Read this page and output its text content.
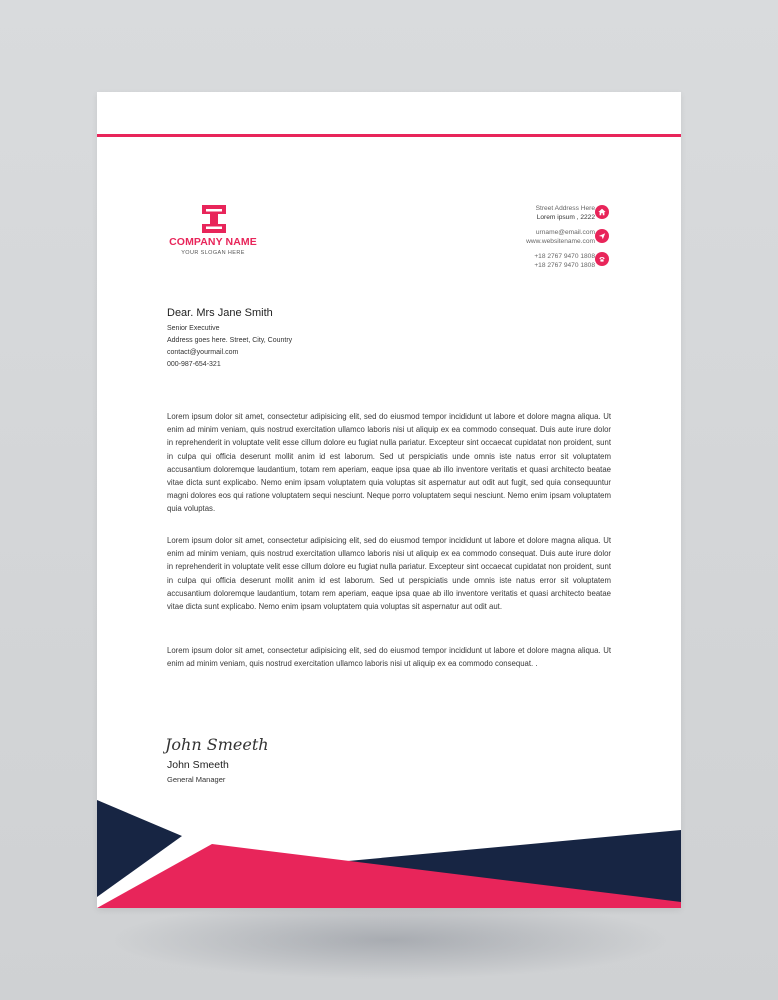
COMPANY NAME
YOUR SLOGAN HERE
Street Address Here
Lorem ipsum , 2222
urname@email.com
www.websitename.com
+18 2767 9470 1808
+18 2767 9470 1808
Dear. Mrs Jane Smith
Senior Executive
Address goes here. Street, City, Country
contact@yourmail.com
000-987-654-321

Lorem ipsum dolor sit amet, consectetur adipisicing elit, sed do eiusmod tempor incididunt ut labore et dolore magna aliqua. Ut enim ad minim veniam, quis nostrud exercitation ullamco laboris nisi ut aliquip ex ea commodo consequat. Duis aute irure dolor in reprehenderit in voluptate velit esse cillum dolore eu fugiat nulla pariatur. Excepteur sint occaecat cupidatat non proident, sunt in culpa qui officia deserunt mollit anim id est laborum. Sed ut perspiciatis unde omnis iste natus error sit voluptatem accusantium doloremque laudantium, totam rem aperiam, eaque ipsa quae ab illo inventore veritatis et quasi architecto beatae vitae dicta sunt explicabo. Nemo enim ipsam voluptatem quia voluptas sit aspernatur aut odit aut fugit, sed quia consequuntur magni dolores eos qui ratione voluptatem sequi nesciunt. Neque porro voluptatem sequi nesciunt. Nemo enim ipsam voluptatem quia voluptas.

Lorem ipsum dolor sit amet, consectetur adipisicing elit, sed do eiusmod tempor incididunt ut labore et dolore magna aliqua. Ut enim ad minim veniam, quis nostrud exercitation ullamco laboris nisi ut aliquip ex ea commodo consequat. Duis aute irure dolor in reprehenderit in voluptate velit esse cillum dolore eu fugiat nulla pariatur. Excepteur sint occaecat cupidatat non proident, sunt in culpa qui officia deserunt mollit anim id est laborum. Sed ut perspiciatis unde omnis iste natus error sit voluptatem accusantium doloremque laudantium, totam rem aperiam, eaque ipsa quae ab illo inventore veritatis et quasi architecto beatae vitae dicta sunt explicabo. Nemo enim ipsam voluptatem quia voluptas sit aspernatur aut odit aut.

Lorem ipsum dolor sit amet, consectetur adipisicing elit, sed do eiusmod tempor incididunt ut labore et dolore magna aliqua. Ut enim ad minim veniam, quis nostrud exercitation ullamco laboris nisi ut aliquip ex ea commodo consequat. .

John Smeeth
John Smeeth
General Manager
